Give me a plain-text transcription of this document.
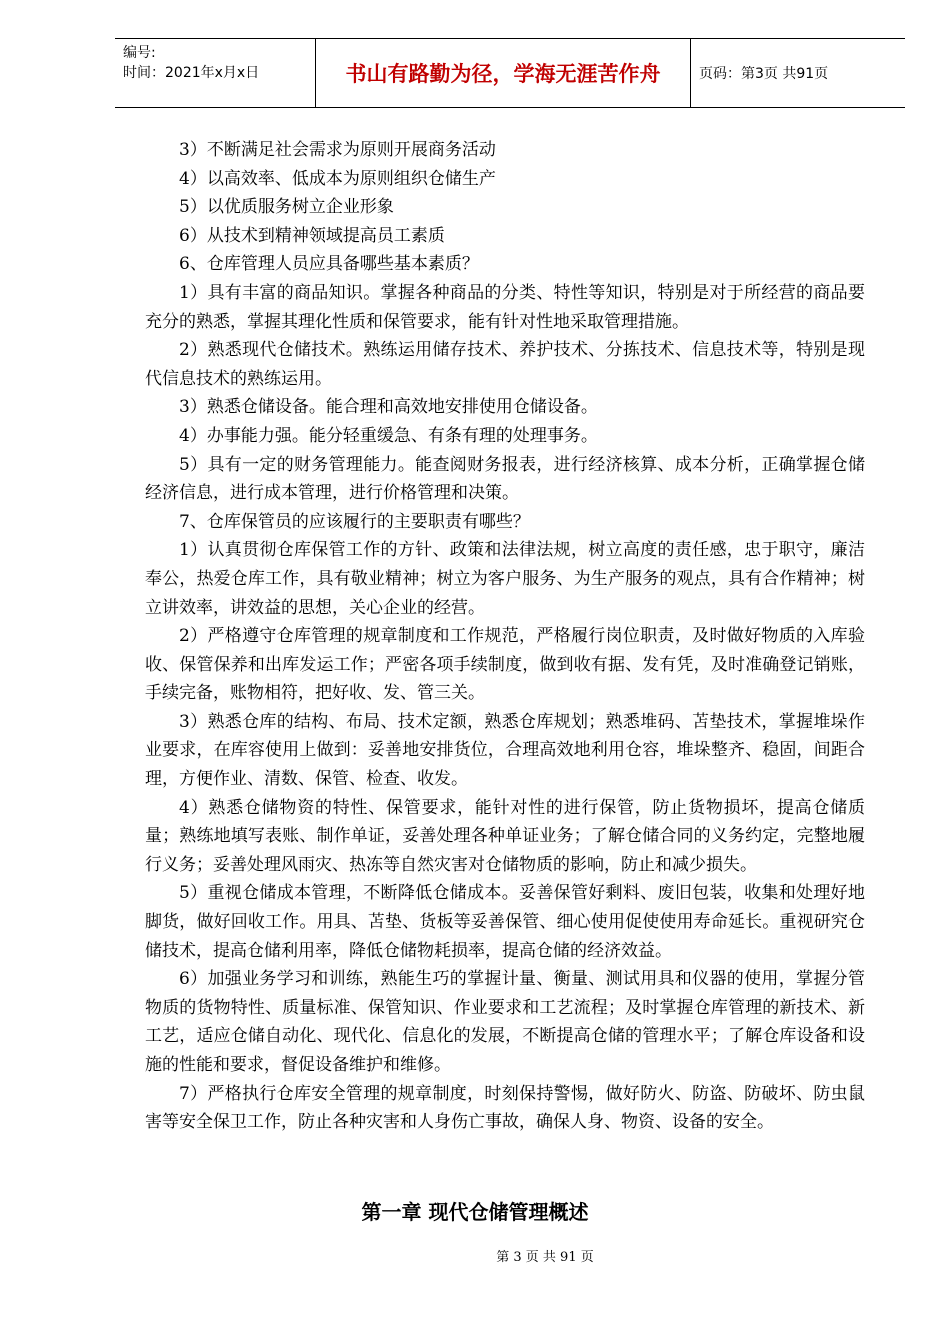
编号:
时间：2021年x月x日	书山有路勤为径，学海无涯苦作舟	页码：第3页 共91页

3）不断满足社会需求为原则开展商务活动

4）以高效率、低成本为原则组织仓储生产

5）以优质服务树立企业形象

6）从技术到精神领域提高员工素质

6、仓库管理人员应具备哪些基本素质？

1）具有丰富的商品知识。掌握各种商品的分类、特性等知识，特别是对于所经营的商品要充分的熟悉，掌握其理化性质和保管要求，能有针对性地采取管理措施。

2）熟悉现代仓储技术。熟练运用储存技术、养护技术、分拣技术、信息技术等，特别是现代信息技术的熟练运用。

3）熟悉仓储设备。能合理和高效地安排使用仓储设备。

4）办事能力强。能分轻重缓急、有条有理的处理事务。

5）具有一定的财务管理能力。能查阅财务报表，进行经济核算、成本分析，正确掌握仓储经济信息，进行成本管理，进行价格管理和决策。

7、仓库保管员的应该履行的主要职责有哪些？

1）认真贯彻仓库保管工作的方针、政策和法律法规，树立高度的责任感，忠于职守，廉洁奉公，热爱仓库工作，具有敬业精神；树立为客户服务、为生产服务的观点，具有合作精神；树立讲效率，讲效益的思想，关心企业的经营。

2）严格遵守仓库管理的规章制度和工作规范，严格履行岗位职责，及时做好物质的入库验收、保管保养和出库发运工作；严密各项手续制度，做到收有据、发有凭，及时准确登记销账，手续完备，账物相符，把好收、发、管三关。

3）熟悉仓库的结构、布局、技术定额，熟悉仓库规划；熟悉堆码、苫垫技术，掌握堆垛作业要求，在库容使用上做到：妥善地安排货位，合理高效地利用仓容，堆垛整齐、稳固，间距合理，方便作业、清数、保管、检查、收发。

4）熟悉仓储物资的特性、保管要求，能针对性的进行保管，防止货物损坏，提高仓储质量；熟练地填写表账、制作单证，妥善处理各种单证业务；了解仓储合同的义务约定，完整地履行义务；妥善处理风雨灾、热冻等自然灾害对仓储物质的影响，防止和减少损失。

5）重视仓储成本管理，不断降低仓储成本。妥善保管好剩料、废旧包装，收集和处理好地脚货，做好回收工作。用具、苫垫、货板等妥善保管、细心使用促使使用寿命延长。重视研究仓储技术，提高仓储利用率，降低仓储物耗损率，提高仓储的经济效益。

6）加强业务学习和训练，熟能生巧的掌握计量、衡量、测试用具和仪器的使用，掌握分管物质的货物特性、质量标准、保管知识、作业要求和工艺流程；及时掌握仓库管理的新技术、新工艺，适应仓储自动化、现代化、信息化的发展，不断提高仓储的管理水平；了解仓库设备和设施的性能和要求，督促设备维护和维修。

7）严格执行仓库安全管理的规章制度，时刻保持警惕，做好防火、防盗、防破坏、防虫鼠害等安全保卫工作，防止各种灾害和人身伤亡事故，确保人身、物资、设备的安全。

第一章 现代仓储管理概述
第 3 页 共 91 页
